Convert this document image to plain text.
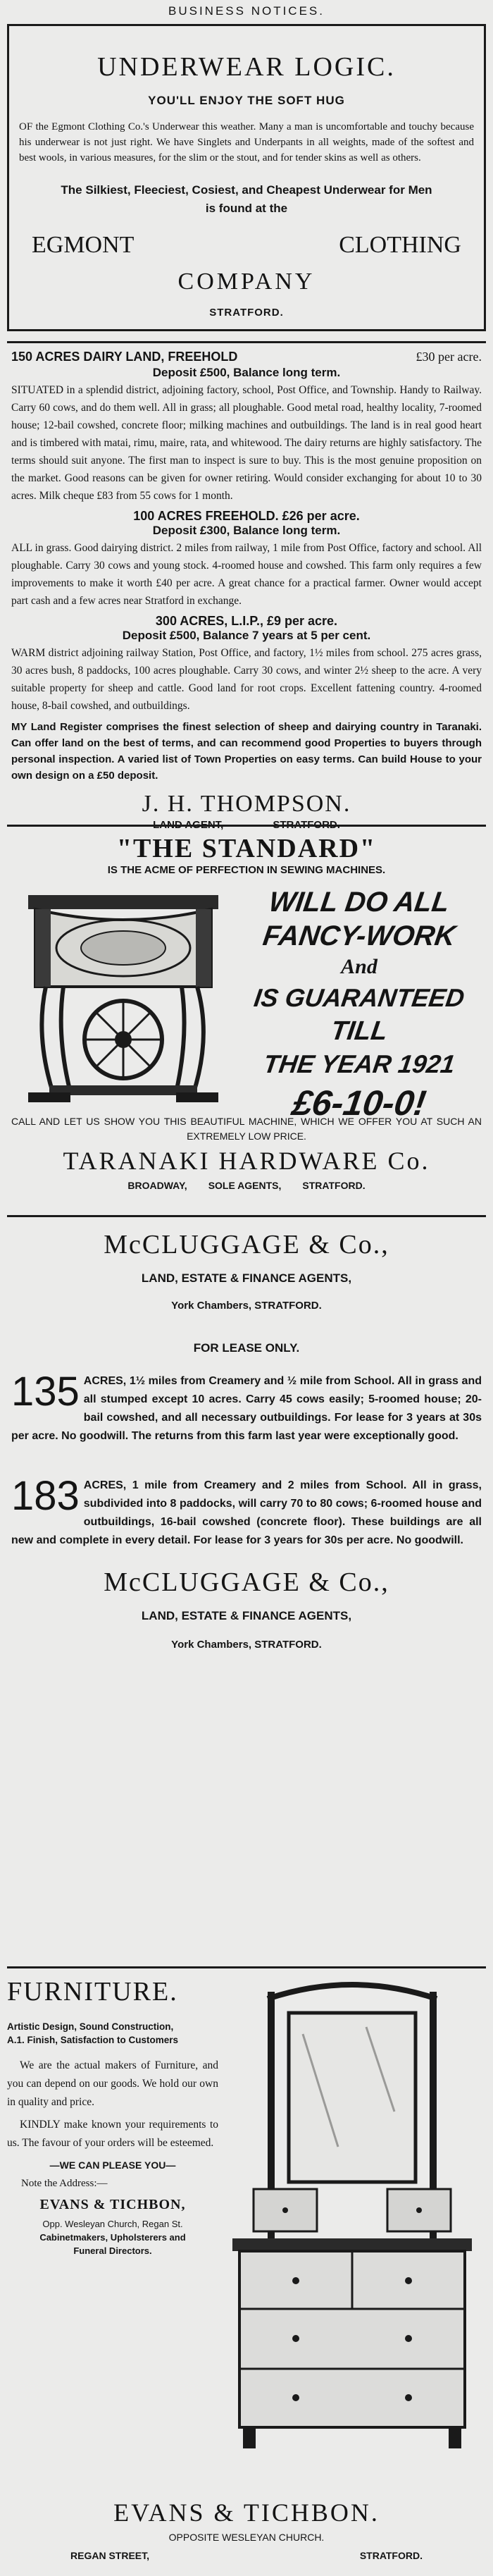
BUSINESS NOTICES.
UNDERWEAR LOGIC.
YOU'LL ENJOY THE SOFT HUG

OF the Egmont Clothing Co.'s Underwear this weather. Many a man is uncomfortable and touchy because his underwear is not just right. We have Singlets and Underpants in all weights, made of the softest and best wools, in various measures, for the slim or the stout, and for tender skins as well as others.

The Silkiest, Fleeciest, Cosiest, and Cheapest Underwear for Men is found at the
EGMONT CLOTHING
COMPANY
STRATFORD.
150 ACRES DAIRY LAND, FREEHOLD	£30 per acre.
Deposit £500, Balance long term.

SITUATED in a splendid district, adjoining factory, school, Post Office, and Township. Handy to Railway. Carry 60 cows, and do them well. All in grass; all ploughable. Good metal road, healthy locality, 7-roomed house; 12-bail cowshed, concrete floor; milking machines and outbuildings. The land is in real good heart and is timbered with matai, rimu, maire, rata, and whitewood. The dairy returns are highly satisfactory. The terms should suit anyone. The first man to inspect is sure to buy. This is the most genuine proposition on the market. Good reasons can be given for owner retiring. Would consider exchanging for about 10 to 30 acres. Milk cheque £83 from 55 cows for 1 month.

100 ACRES FREEHOLD. £26 per acre.
Deposit £300, Balance long term.

ALL in grass. Good dairying district. 2 miles from railway, 1 mile from Post Office, factory and school. All ploughable. Carry 30 cows and young stock. 4-roomed house and cowshed. This farm only requires a few improvements to make it worth £40 per acre. A great chance for a practical farmer. Owner would accept part cash and a few acres near Stratford in exchange.

300 ACRES, L.I.P., £9 per acre.
Deposit £500, Balance 7 years at 5 per cent.

WARM district adjoining railway Station, Post Office, and factory, 1½ miles from school. 275 acres grass, 30 acres bush, 8 paddocks, 100 acres ploughable. Carry 30 cows, and winter 2½ sheep to the acre. A very suitable property for sheep and cattle. Good land for root crops. Excellent fattening country. 4-roomed house, 8-bail cowshed, and outbuildings.

MY Land Register comprises the finest selection of sheep and dairying country in Taranaki. Can offer land on the best of terms, and can recommend good Properties to buyers through personal inspection. A varied list of Town Properties on easy terms. Can build House to your own design on a £50 deposit.

J. H. THOMPSON.
LAND AGENT,	STRATFORD.
"THE STANDARD"
IS THE ACME OF PERFECTION IN SEWING MACHINES.
WILL DO ALL
FANCY-WORK
And
IS GUARANTEED
TILL
THE YEAR 1921
£6-10-0!
CALL AND LET US SHOW YOU THIS BEAUTIFUL MACHINE, WHICH WE OFFER YOU AT SUCH AN EXTREMELY LOW PRICE.
TARANAKI HARDWARE Co.
BROADWAY, SOLE AGENTS, STRATFORD.
McCLUGGAGE & Co.,
LAND, ESTATE & FINANCE AGENTS,
York Chambers, STRATFORD.
FOR LEASE ONLY.
135 ACRES, 1½ miles from Creamery and ½ mile from School. All in grass and all stumped except 10 acres. Carry 45 cows easily; 5-roomed house; 20-bail cowshed, and all necessary outbuildings. For lease for 3 years at 30s per acre. No goodwill. The returns from this farm last year were exceptionally good.

183 ACRES, 1 mile from Creamery and 2 miles from School. All in grass, subdivided into 8 paddocks, will carry 70 to 80 cows; 6-roomed house and outbuildings, 16-bail cowshed (concrete floor). These buildings are all new and complete in every detail. For lease for 3 years for 30s per acre. No goodwill.

McCLUGGAGE & Co.,
LAND, ESTATE & FINANCE AGENTS,
York Chambers, STRATFORD.
FURNITURE.
Artistic Design, Sound Construction,
A.1. Finish, Satisfaction to Customers

We are the actual makers of Furniture, and you can depend on our goods. We hold our own in quality and price.

KINDLY make known your requirements to us. The favour of your orders will be esteemed.

—WE CAN PLEASE YOU—
Note the Address:—
EVANS & TICHBON,
Opp. Wesleyan Church, Regan St.
Cabinetmakers, Upholsterers and
Funeral Directors.
EVANS & TICHBON.
OPPOSITE WESLEYAN CHURCH.
REGAN STREET,	STRATFORD.
